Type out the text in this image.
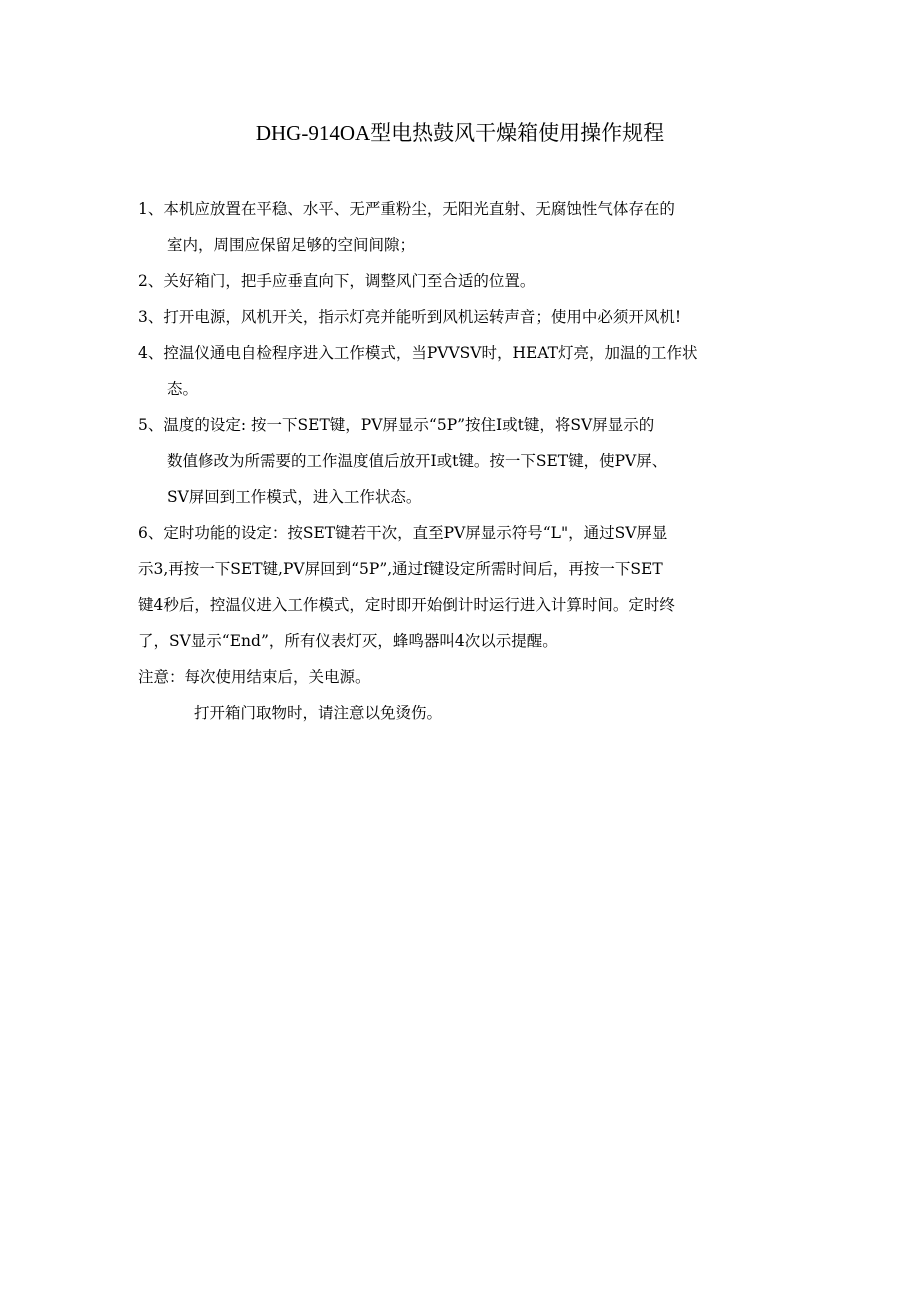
DHG-914OA型电热鼓风干燥箱使用操作规程

1、本机应放置在平稳、水平、无严重粉尘，无阳光直射、无腐蚀性气体存在的
室内，周围应保留足够的空间间隙；

2、关好箱门，把手应垂直向下，调整风门至合适的位置。

3、打开电源，风机开关，指示灯亮并能听到风机运转声音；使用中必须开风机!

4、控温仪通电自检程序进入工作模式，当PVVSV时，HEAT灯亮，加温的工作状
态。

5、温度的设定: 按一下SET键，PV屏显示“5P”按住I或t键，将SV屏显示的
数值修改为所需要的工作温度值后放开I或t键。按一下SET键，使PV屏、
SV屏回到工作模式，进入工作状态。

6、定时功能的设定：按SET键若干次，直至PV屏显示符号“L"，通过SV屏显
示3,再按一下SET键,PV屏回到“5P”,通过f键设定所需时间后，再按一下SET
键4秒后，控温仪进入工作模式，定时即开始倒计时运行进入计算时间。定时终
了，SV显示“End”，所有仪表灯灭，蜂鸣器叫4次以示提醒。

注意：每次使用结束后，关电源。
打开箱门取物时，请注意以免烫伤。
